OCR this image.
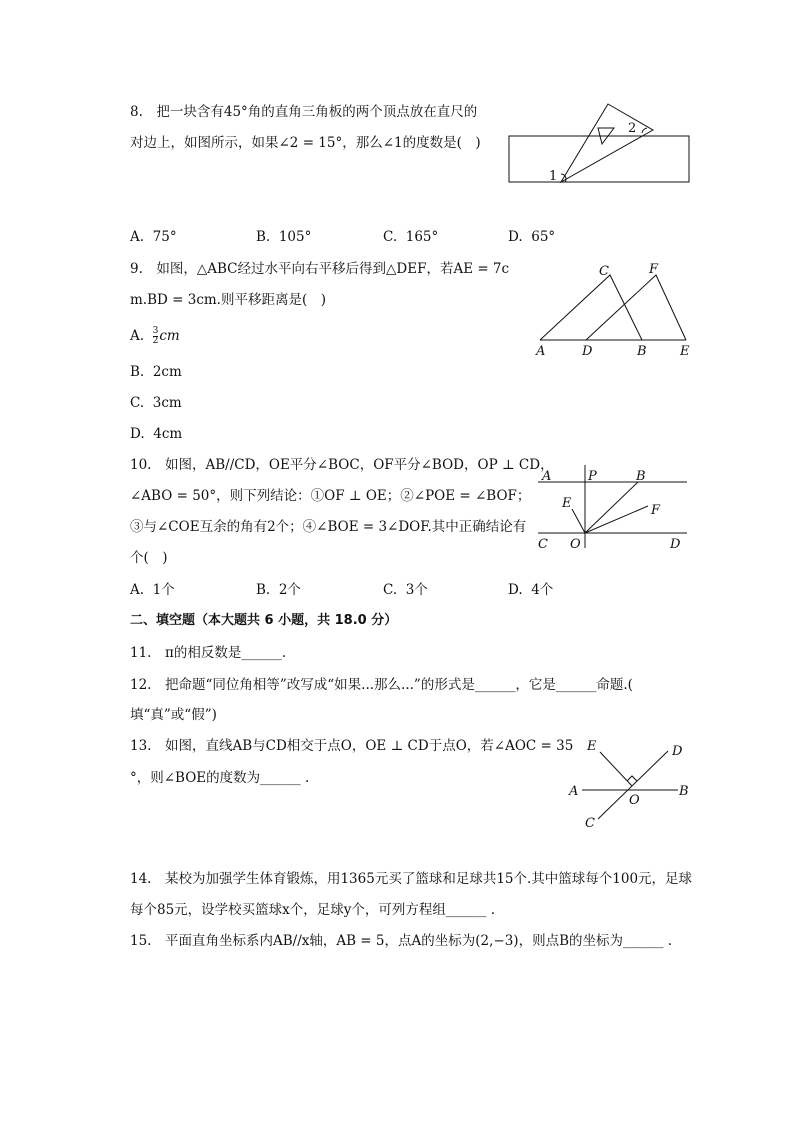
8. 把一块含有45°角的直角三角板的两个顶点放在直尺的
对边上，如图所示，如果∠2 = 15°，那么∠1的度数是( )
1
2
A. 75°	B. 105°	C. 165°	D. 65°
9. 如图，△ABC经过水平向右平移后得到△DEF，若AE = 7c
m.BD = 3cm.则平移距离是( )
A	D	B	E
C	F
A. $\frac{3}{2}$ cm
B. 2cm
C. 3cm
D. 4cm
10. 如图，AB//CD，OE平分∠BOC，OF平分∠BOD，OP ⊥ CD，
∠ABO = 50°，则下列结论：①OF ⊥ OE；②∠POE = ∠BOF；
③与∠COE互余的角有2个；④∠BOE = 3∠DOF.其中正确结论有
个( )
A	P	B
E	F
C O	D
A. 1个	B. 2个	C. 3个	D. 4个
二、填空题（本大题共 6 小题，共 18.0 分）
11. π的相反数是______.
12. 把命题“同位角相等”改写成“如果...那么...”的形式是______，它是______命题.(
填“真”或“假”)
13. 如图，直线AB与CD相交于点O，OE ⊥ CD于点O，若∠AOC = 35
°，则∠BOE的度数为______ .
E	D
A
O
B
C
14. 某校为加强学生体育锻炼，用1365元买了篮球和足球共15个.其中篮球每个100元，足球
每个85元，设学校买篮球x个，足球y个，可列方程组______ .
15. 平面直角坐标系内AB//x轴，AB = 5，点A的坐标为(2,−3)，则点B的坐标为______ .
